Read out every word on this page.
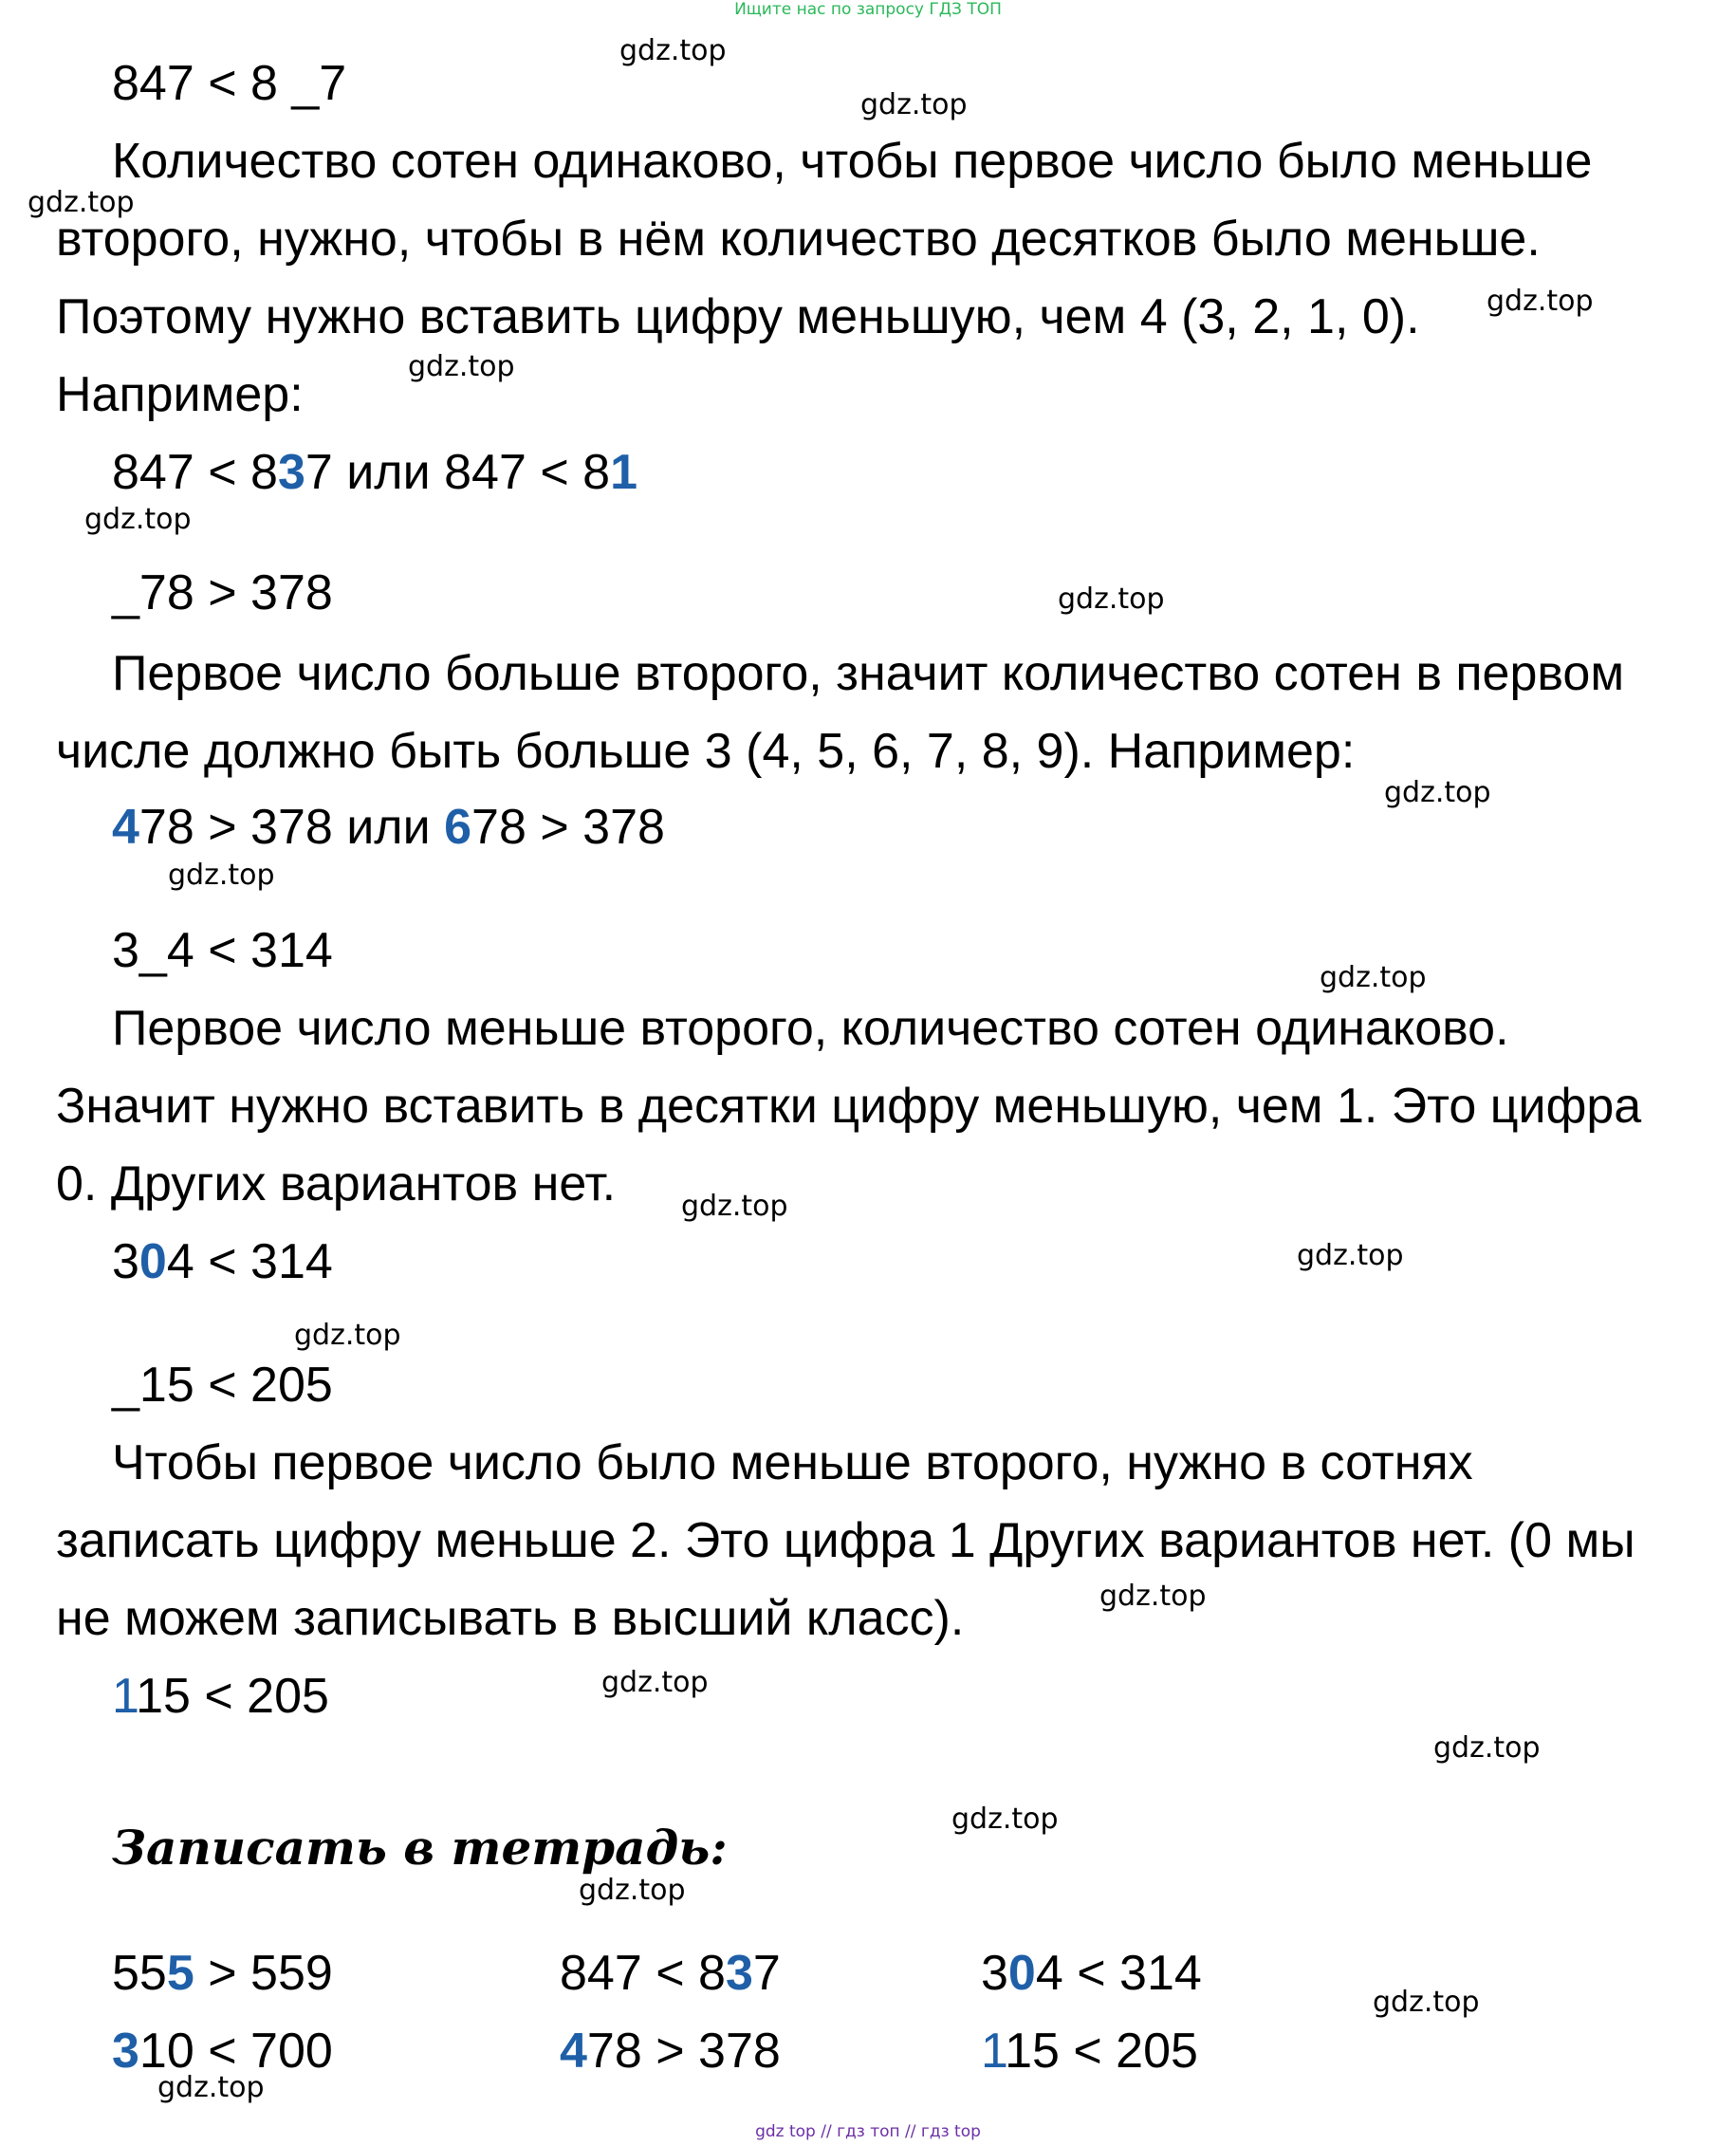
Ищите нас по запросу ГДЗ ТОП
847 < 8 _7
Количество сотен одинаково, чтобы первое число было меньше
второго, нужно, чтобы в нём количество десятков было меньше.
Поэтому нужно вставить цифру меньшую, чем 4 (3, 2, 1, 0).
Например:
847 < 837 или 847 < 81
_78 > 378
Первое число больше второго, значит количество сотен в первом
числе должно быть больше 3 (4, 5, 6, 7, 8, 9). Например:
478 > 378 или 678 > 378
3_4 < 314
Первое число меньше второго, количество сотен одинаково.
Значит нужно вставить в десятки цифру меньшую, чем 1. Это цифра
0. Других вариантов нет.
304 < 314
_15 < 205
Чтобы первое число было меньше второго, нужно в сотнях
записать цифру меньше 2. Это цифра 1 Других вариантов нет. (0 мы
не можем записывать в высший класс).
115 < 205
Записать в тетрадь:
555 > 559	847 < 837	304 < 314
310 < 700	478 > 378	115 < 205
gdz.top
gdz.top
gdz.top
gdz.top
gdz.top
gdz.top
gdz.top
gdz.top
gdz.top
gdz.top
gdz.top
gdz.top
gdz.top
gdz.top
gdz.top
gdz.top
gdz.top
gdz.top
gdz.top
gdz.top
gdz top // гдз топ // гдз top
